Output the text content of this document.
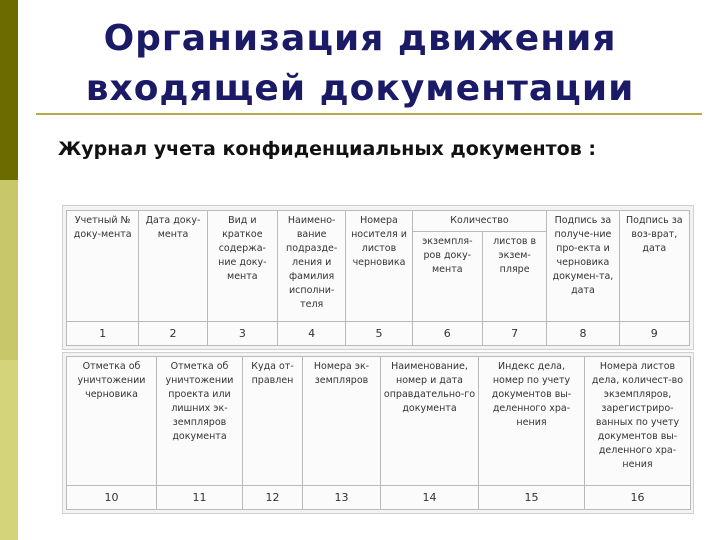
Организация движения входящей документации
Журнал учета конфиденциальных документов :
Учетный № доку-мента	Дата доку-мента	Вид и краткое содержа-ние доку-мента	Наимено-вание подразде-ления и фамилия исполни-теля	Номера носителя и листов черновика	Количество		Подпись за получе-ние про-екта и черновика докумен-та, дата	Подпись за воз-врат, дата
					экземпля-ров доку-мента	листов в экзем-пляре		
1	2	3	4	5	6	7	8	9
Отметка об уничтожении черновика	Отметка об уничтожении проекта или лишних эк-земпляров документа	Куда от-правлен	Номера эк-земпляров	Наименование, номер и дата оправдательно-го документа	Индекс дела, номер по учету документов вы-деленного хра-нения	Номера листов дела, количест-во экземпляров, зарегистриро-ванных по учету документов вы-деленного хра-нения
10	11	12	13	14	15	16
